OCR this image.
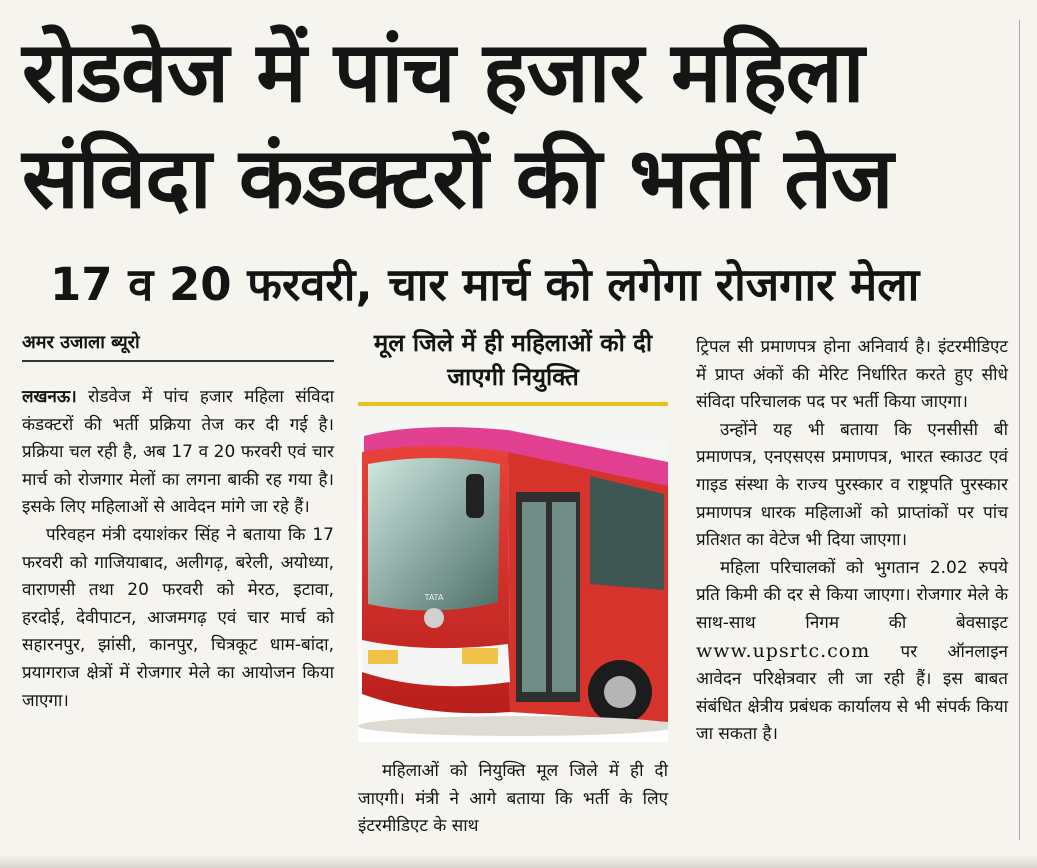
रोडवेज में पांच हजार महिला
संविदा कंडक्टरों की भर्ती तेज
17 व 20 फरवरी, चार मार्च को लगेगा रोजगार मेला
अमर उजाला ब्यूरो

लखनऊ। रोडवेज में पांच हजार महिला संविदा कंडक्टरों की भर्ती प्रक्रिया तेज कर दी गई है। प्रक्रिया चल रही है, अब 17 व 20 फरवरी एवं चार मार्च को रोजगार मेलों का लगना बाकी रह गया है। इसके लिए महिलाओं से आवेदन मांगे जा रहे हैं।

परिवहन मंत्री दयाशंकर सिंह ने बताया कि 17 फरवरी को गाजियाबाद, अलीगढ़, बरेली, अयोध्या, वाराणसी तथा 20 फरवरी को मेरठ, इटावा, हरदोई, देवीपाटन, आजमगढ़ एवं चार मार्च को सहारनपुर, झांसी, कानपुर, चित्रकूट धाम-बांदा, प्रयागराज क्षेत्रों में रोजगार मेले का आयोजन किया जाएगा।

मूल जिले में ही महिलाओं को दी जाएगी नियुक्ति
TATA
महिलाओं को नियुक्ति मूल जिले में ही दी जाएगी। मंत्री ने आगे बताया कि भर्ती के लिए इंटरमीडिएट के साथ

ट्रिपल सी प्रमाणपत्र होना अनिवार्य है। इंटरमीडिएट में प्राप्त अंकों की मेरिट निर्धारित करते हुए सीधे संविदा परिचालक पद पर भर्ती किया जाएगा।

उन्होंने यह भी बताया कि एनसीसी बी प्रमाणपत्र, एनएसएस प्रमाणपत्र, भारत स्काउट एवं गाइड संस्था के राज्य पुरस्कार व राष्ट्रपति पुरस्कार प्रमाणपत्र धारक महिलाओं को प्राप्तांकों पर पांच प्रतिशत का वेटेज भी दिया जाएगा।

महिला परिचालकों को भुगतान 2.02 रुपये प्रति किमी की दर से किया जाएगा। रोजगार मेले के साथ-साथ निगम की बेवसाइट www.upsrtc.com पर ऑनलाइन आवेदन परिक्षेत्रवार ली जा रही हैं। इस बाबत संबंधित क्षेत्रीय प्रबंधक कार्यालय से भी संपर्क किया जा सकता है।
